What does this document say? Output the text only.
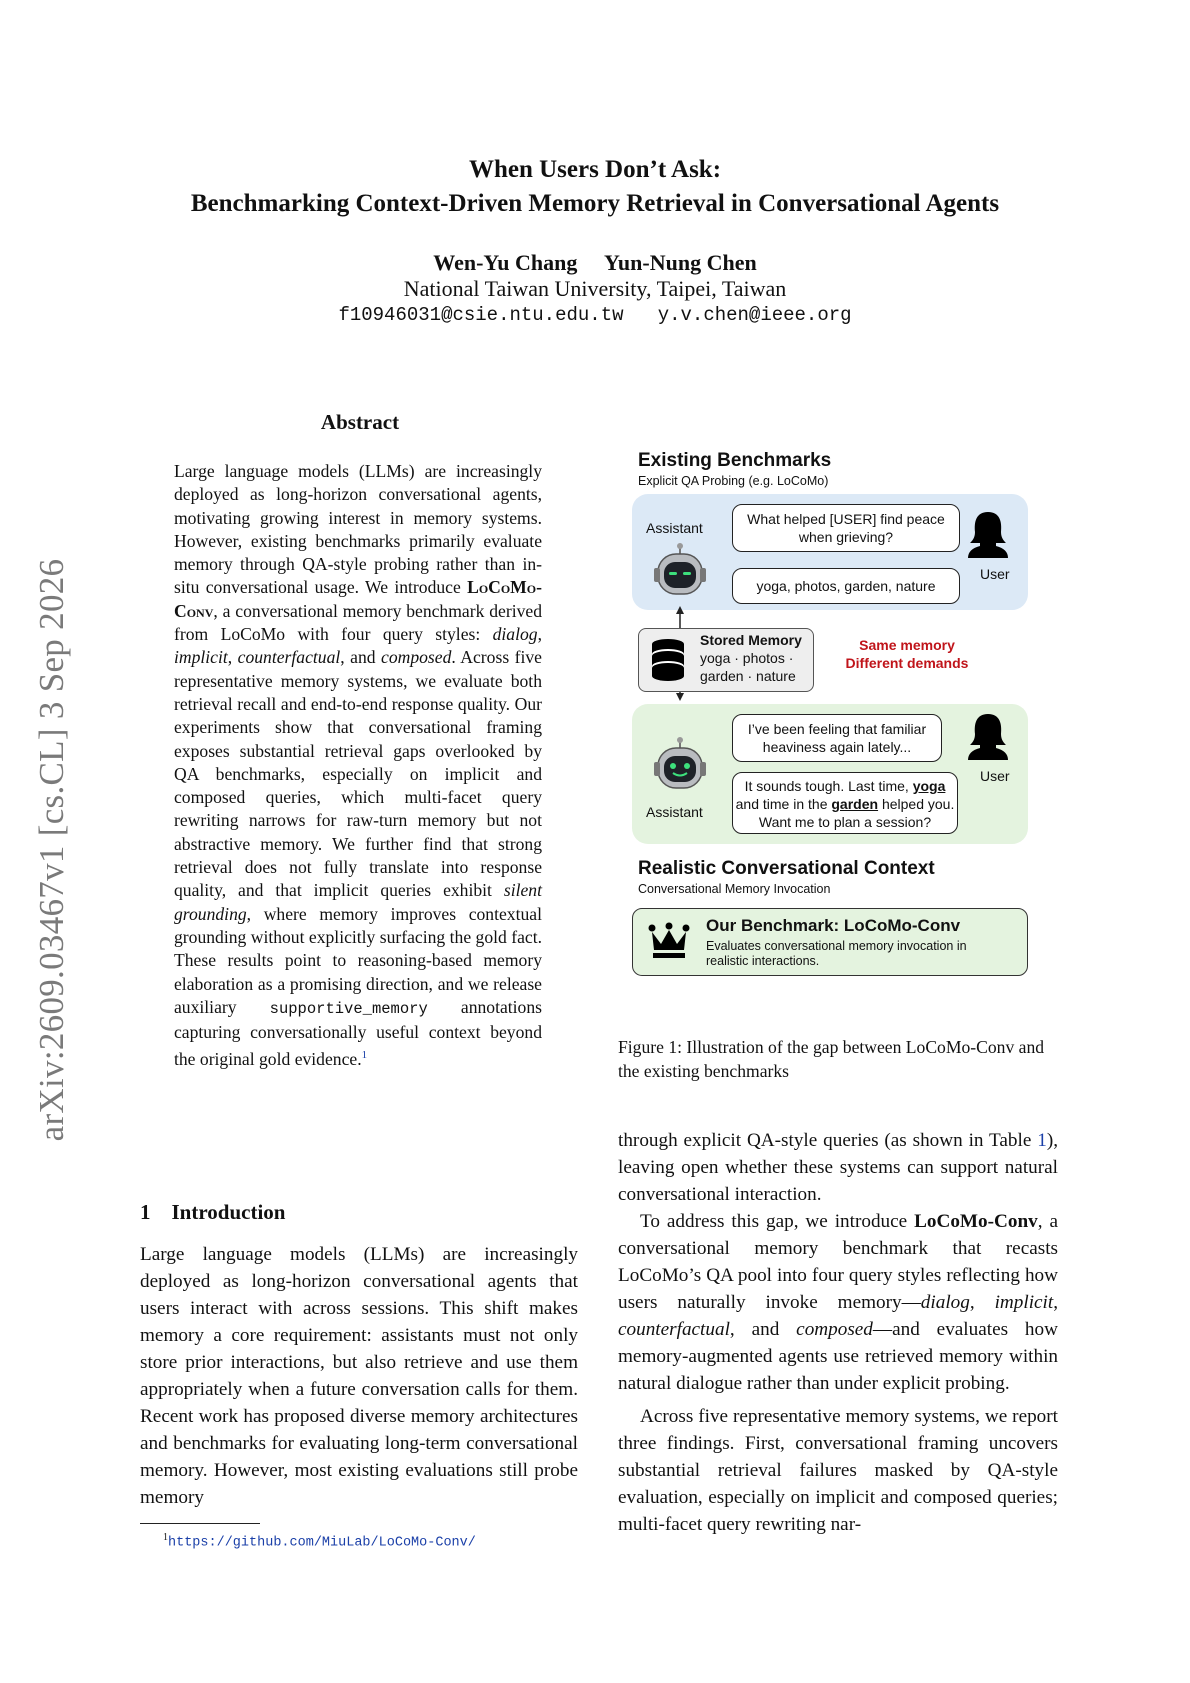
arXiv:2609.03467v1 [cs.CL] 3 Sep 2026
When Users Don’t Ask:
Benchmarking Context-Driven Memory Retrieval in Conversational Agents
Wen-Yu Chang     Yun-Nung Chen
National Taiwan University, Taipei, Taiwan
f10946031@csie.ntu.edu.tw   y.v.chen@ieee.org
Abstract

Large language models (LLMs) are increasingly deployed as long-horizon conversational agents, motivating growing interest in memory systems. However, existing benchmarks primarily evaluate memory through QA-style probing rather than in-situ conversational usage. We introduce LoCoMo-Conv, a conversational memory benchmark derived from LoCoMo with four query styles: dialog, implicit, counterfactual, and composed. Across five representative memory systems, we evaluate both retrieval recall and end-to-end response quality. Our experiments show that conversational framing exposes substantial retrieval gaps overlooked by QA benchmarks, especially on implicit and composed queries, which multi-facet query rewriting narrows for raw-turn memory but not abstractive memory. We further find that strong retrieval does not fully translate into response quality, and that implicit queries exhibit silent grounding, where memory improves contextual grounding without explicitly surfacing the gold fact. These results point to reasoning-based memory elaboration as a promising direction, and we release auxiliary supportive_memory annotations capturing conversationally useful context beyond the original gold evidence.$^1$

1    Introduction

Large language models (LLMs) are increasingly deployed as long-horizon conversational agents that users interact with across sessions. This shift makes memory a core requirement: assistants must not only store prior interactions, but also retrieve and use them appropriately when a future conversation calls for them. Recent work has proposed diverse memory architectures and benchmarks for evaluating long-term conversational memory. However, most existing evaluations still probe memory

$^1$https://github.com/MiuLab/LoCoMo-Conv/
Existing Benchmarks
Explicit QA Probing (e.g. LoCoMo)
Assistant
What helped [USER] find peace when grieving?
yoga, photos, garden, nature
User
Stored Memory
yoga · photos ·
garden · nature
Same memory
Different demands
I’ve been feeling that familiar heaviness again lately...
User
Assistant
It sounds tough. Last time, yoga and time in the garden helped you. Want me to plan a session?
Realistic Conversational Context
Conversational Memory Invocation
Our Benchmark: LoCoMo-Conv
Evaluates conversational memory invocation in realistic interactions.
Figure 1: Illustration of the gap between LoCoMo-Conv and the existing benchmarks

through explicit QA-style queries (as shown in Table 1), leaving open whether these systems can support natural conversational interaction.

To address this gap, we introduce LoCoMo-Conv, a conversational memory benchmark that recasts LoCoMo’s QA pool into four query styles reflecting how users naturally invoke memory—dialog, implicit, counterfactual, and composed—and evaluates how memory-augmented agents use retrieved memory within natural dialogue rather than under explicit probing.

Across five representative memory systems, we report three findings. First, conversational framing uncovers substantial retrieval failures masked by QA-style evaluation, especially on implicit and composed queries; multi-facet query rewriting nar-
